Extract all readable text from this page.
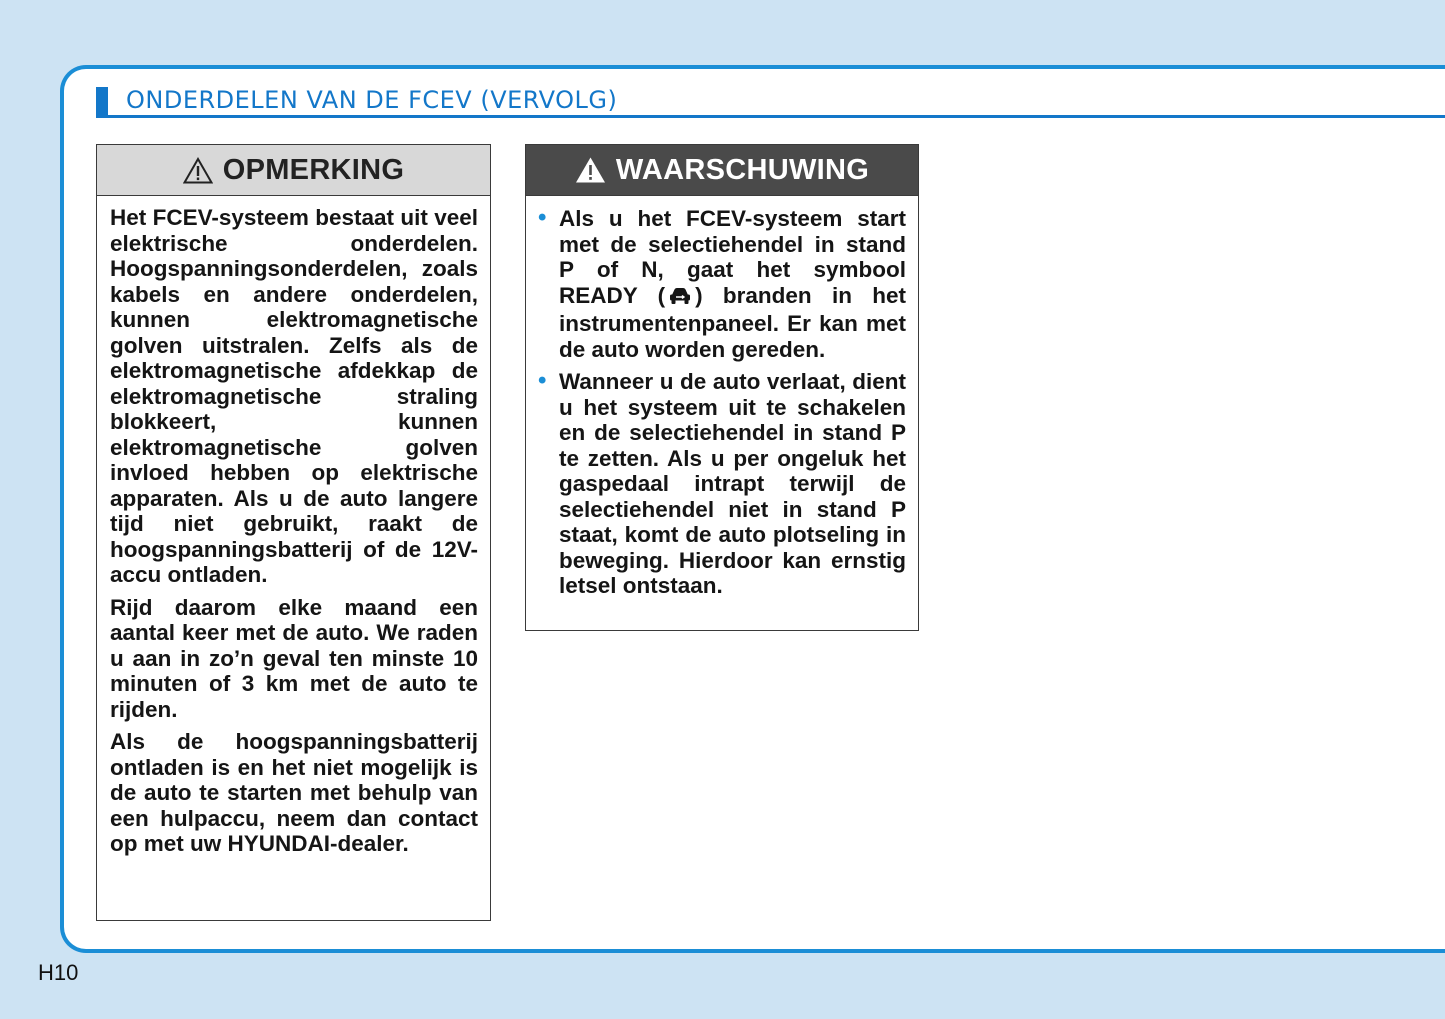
ONDERDELEN VAN DE FCEV (VERVOLG)
OPMERKING

Het FCEV-systeem bestaat uit veel elektrische onderdelen. Hoogspanningsonderdelen, zoals kabels en andere onderdelen, kunnen elektromagnetische golven uitstralen. Zelfs als de elektromagnetische afdekkap de elektromagnetische straling blokkeert, kunnen elektromagnetische golven invloed hebben op elektrische apparaten. Als u de auto langere tijd niet gebruikt, raakt de hoogspanningsbatterij of de 12V-accu ontladen.

Rijd daarom elke maand een aantal keer met de auto. We raden u aan in zo’n geval ten minste 10 minuten of 3 km met de auto te rijden.

Als de hoogspanningsbatterij ontladen is en het niet mogelijk is de auto te starten met behulp van een hulpaccu, neem dan contact op met uw HYUNDAI-dealer.

WAARSCHUWING
• Als u het FCEV-systeem start met de selectiehendel in stand P of N, gaat het symbool READY ( ) branden in het instrumentenpaneel. Er kan met de auto worden gereden.
• Wanneer u de auto verlaat, dient u het systeem uit te schakelen en de selectiehendel in stand P te zetten. Als u per ongeluk het gaspedaal intrapt terwijl de selectiehendel niet in stand P staat, komt de auto plotseling in beweging. Hierdoor kan ernstig letsel ontstaan.
H10
